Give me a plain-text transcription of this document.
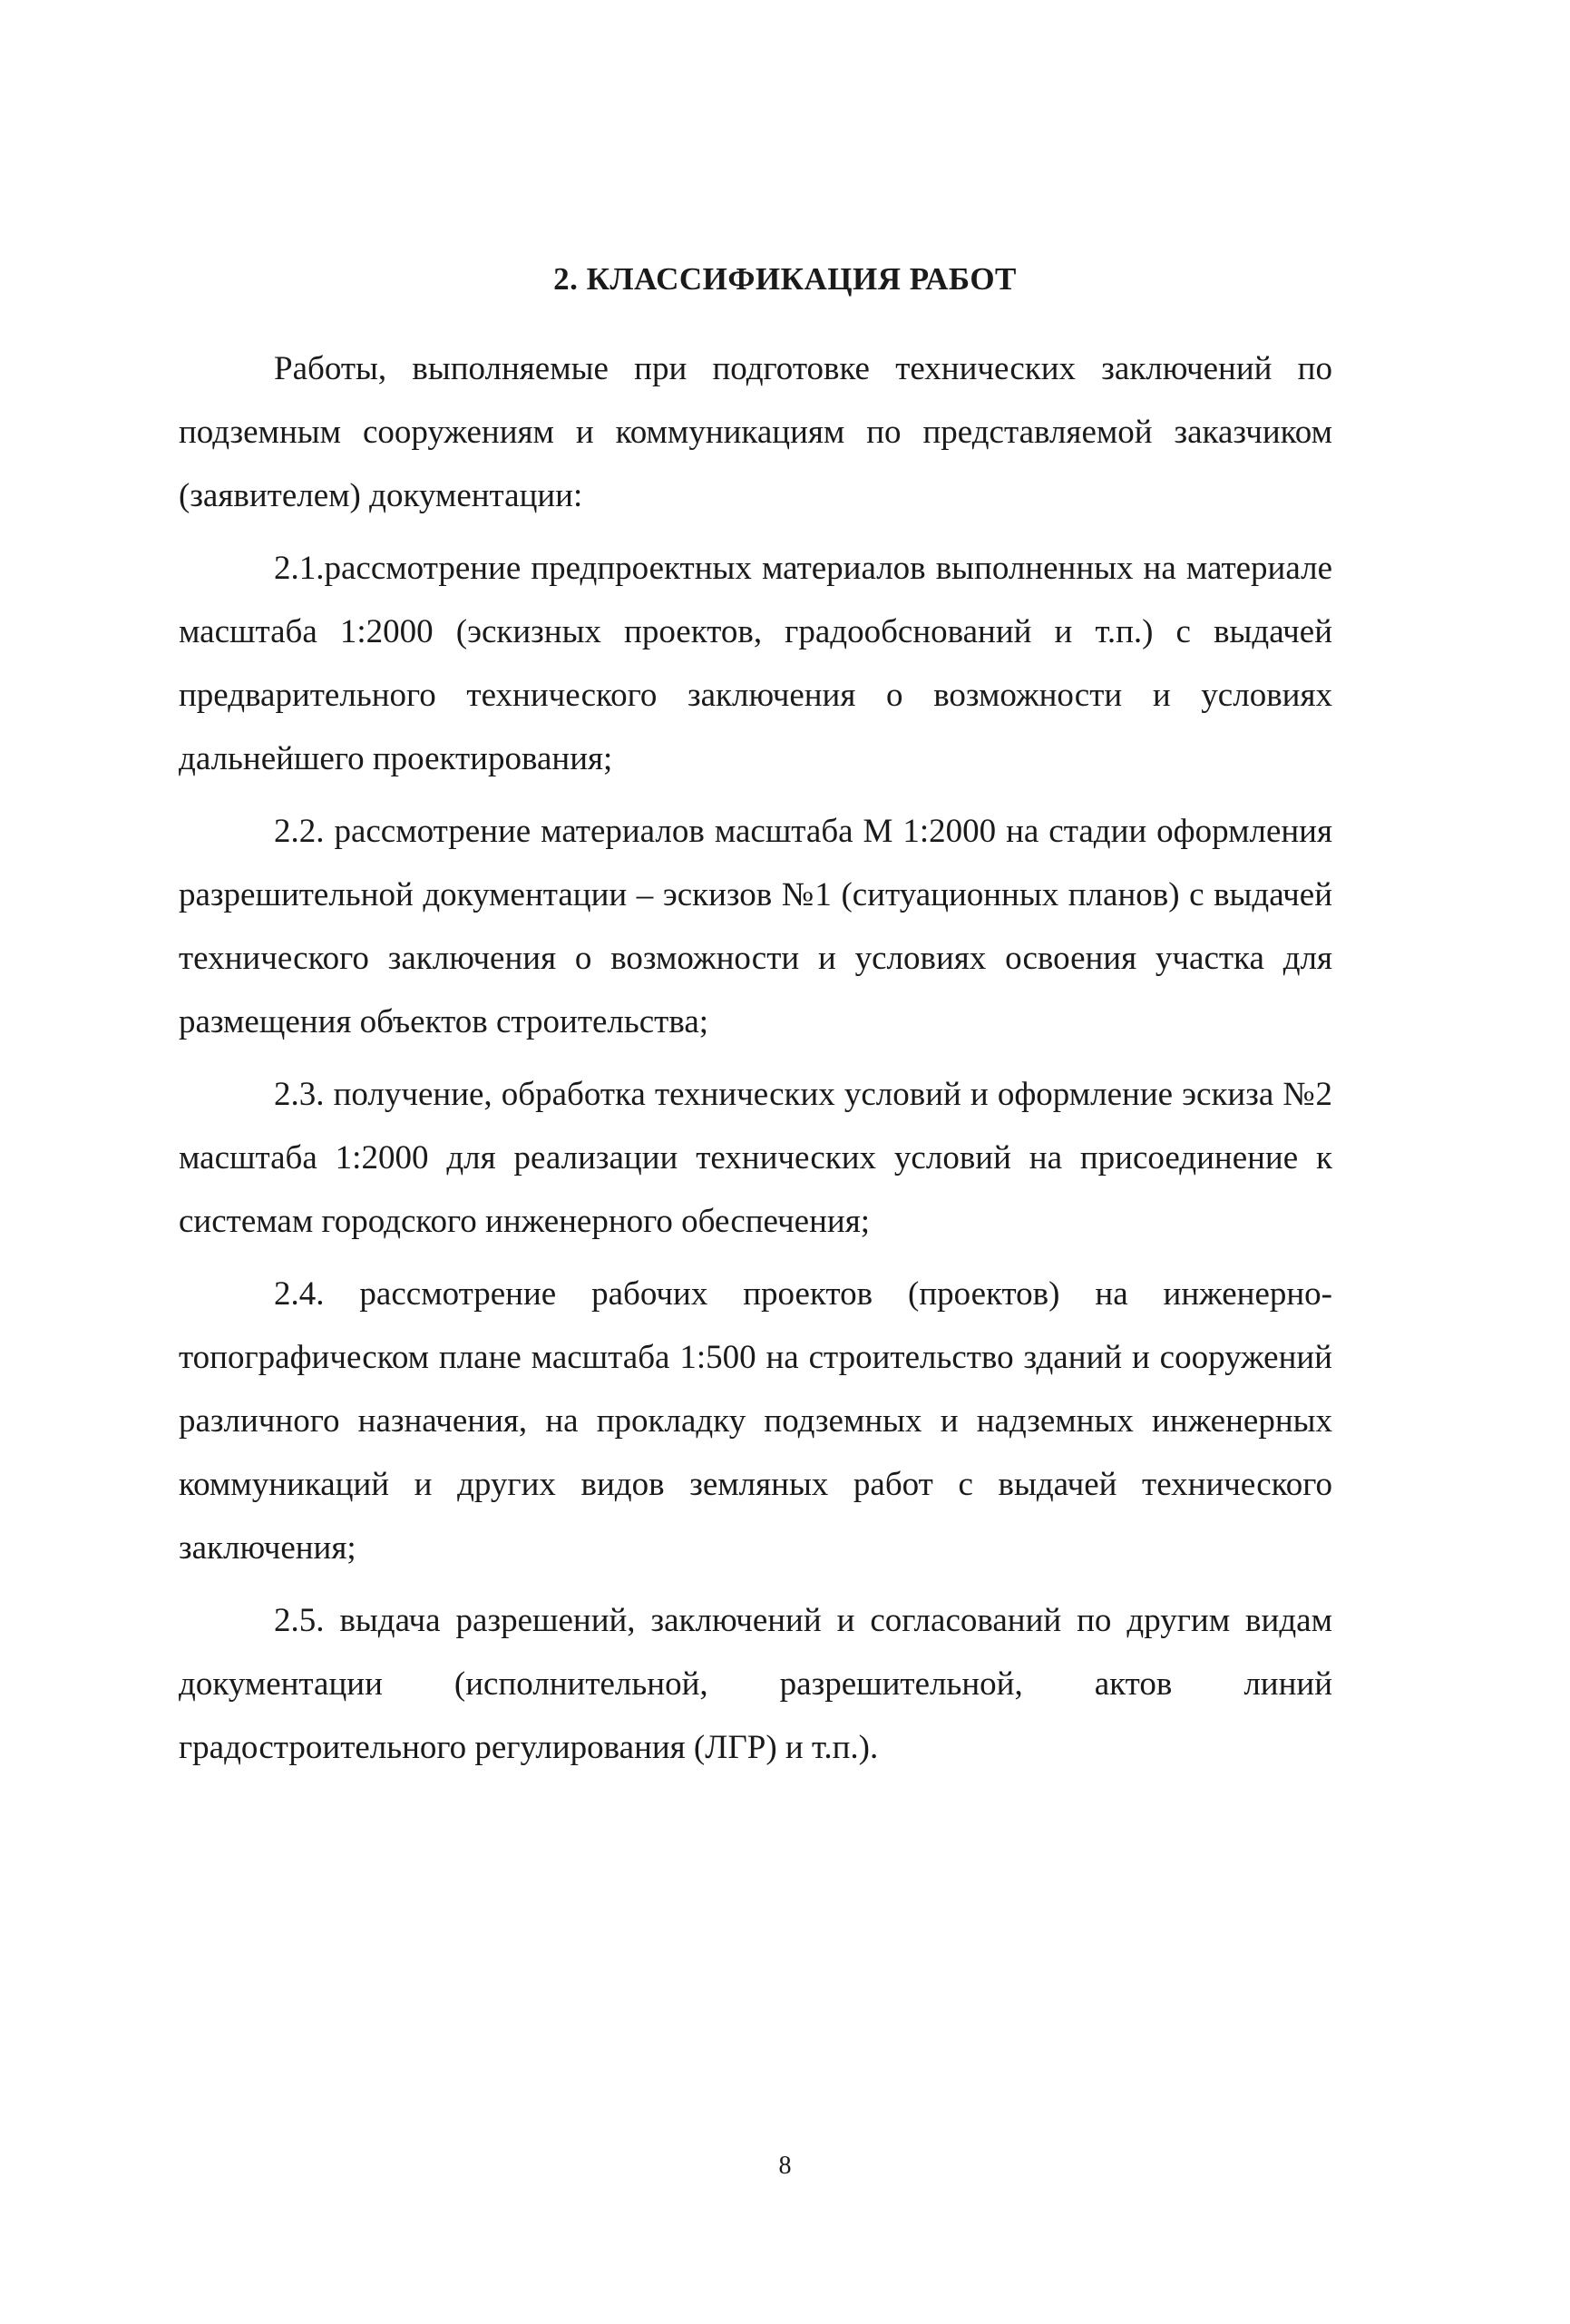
2. КЛАССИФИКАЦИЯ РАБОТ

Работы, выполняемые при подготовке технических заключений по подземным сооружениям и коммуникациям по представляемой заказчиком (заявителем) документации:

2.1.рассмотрение предпроектных материалов выполненных на материале масштаба 1:2000 (эскизных проектов, градообснований и т.п.) с выдачей предварительного технического заключения о возможности и условиях дальнейшего проектирования;

2.2. рассмотрение материалов масштаба М 1:2000 на стадии оформления разрешительной документации – эскизов №1 (ситуационных планов) с выдачей технического заключения о возможности и условиях освоения участка для размещения объектов строительства;

2.3. получение, обработка технических условий и оформление эскиза №2 масштаба 1:2000 для реализации технических условий на присоединение к системам городского инженерного обеспечения;

2.4. рассмотрение рабочих проектов (проектов) на инженерно-топографическом плане масштаба 1:500 на строительство зданий и сооружений различного назначения, на прокладку подземных и надземных инженерных коммуникаций и других видов земляных работ с выдачей технического заключения;

2.5. выдача разрешений, заключений и согласований по другим видам документации (исполнительной, разрешительной, актов линий градостроительного регулирования (ЛГР) и т.п.).

8
